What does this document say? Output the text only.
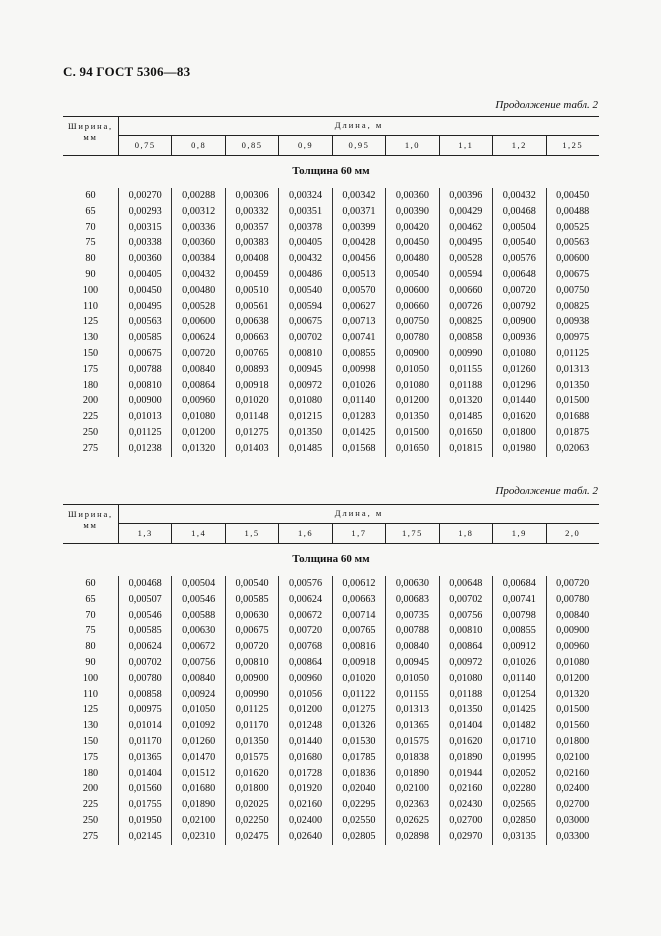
С. 94 ГОСТ 5306—83
Продолжение табл. 2
Ширина,
мм
Длина, м
0,75	0,8	0,85	0,9	0,95	1,0	1,1	1,2	1,25
Толщина 60 мм
60	0,00270	0,00288	0,00306	0,00324	0,00342	0,00360	0,00396	0,00432	0,00450
65	0,00293	0,00312	0,00332	0,00351	0,00371	0,00390	0,00429	0,00468	0,00488
70	0,00315	0,00336	0,00357	0,00378	0,00399	0,00420	0,00462	0,00504	0,00525
75	0,00338	0,00360	0,00383	0,00405	0,00428	0,00450	0,00495	0,00540	0,00563
80	0,00360	0,00384	0,00408	0,00432	0,00456	0,00480	0,00528	0,00576	0,00600
90	0,00405	0,00432	0,00459	0,00486	0,00513	0,00540	0,00594	0,00648	0,00675
100	0,00450	0,00480	0,00510	0,00540	0,00570	0,00600	0,00660	0,00720	0,00750
110	0,00495	0,00528	0,00561	0,00594	0,00627	0,00660	0,00726	0,00792	0,00825
125	0,00563	0,00600	0,00638	0,00675	0,00713	0,00750	0,00825	0,00900	0,00938
130	0,00585	0,00624	0,00663	0,00702	0,00741	0,00780	0,00858	0,00936	0,00975
150	0,00675	0,00720	0,00765	0,00810	0,00855	0,00900	0,00990	0,01080	0,01125
175	0,00788	0,00840	0,00893	0,00945	0,00998	0,01050	0,01155	0,01260	0,01313
180	0,00810	0,00864	0,00918	0,00972	0,01026	0,01080	0,01188	0,01296	0,01350
200	0,00900	0,00960	0,01020	0,01080	0,01140	0,01200	0,01320	0,01440	0,01500
225	0,01013	0,01080	0,01148	0,01215	0,01283	0,01350	0,01485	0,01620	0,01688
250	0,01125	0,01200	0,01275	0,01350	0,01425	0,01500	0,01650	0,01800	0,01875
275	0,01238	0,01320	0,01403	0,01485	0,01568	0,01650	0,01815	0,01980	0,02063
Продолжение табл. 2
Ширина,
мм
Длина, м
1,3	1,4	1,5	1,6	1,7	1,75	1,8	1,9	2,0
Толщина 60 мм
60	0,00468	0,00504	0,00540	0,00576	0,00612	0,00630	0,00648	0,00684	0,00720
65	0,00507	0,00546	0,00585	0,00624	0,00663	0,00683	0,00702	0,00741	0,00780
70	0,00546	0,00588	0,00630	0,00672	0,00714	0,00735	0,00756	0,00798	0,00840
75	0,00585	0,00630	0,00675	0,00720	0,00765	0,00788	0,00810	0,00855	0,00900
80	0,00624	0,00672	0,00720	0,00768	0,00816	0,00840	0,00864	0,00912	0,00960
90	0,00702	0,00756	0,00810	0,00864	0,00918	0,00945	0,00972	0,01026	0,01080
100	0,00780	0,00840	0,00900	0,00960	0,01020	0,01050	0,01080	0,01140	0,01200
110	0,00858	0,00924	0,00990	0,01056	0,01122	0,01155	0,01188	0,01254	0,01320
125	0,00975	0,01050	0,01125	0,01200	0,01275	0,01313	0,01350	0,01425	0,01500
130	0,01014	0,01092	0,01170	0,01248	0,01326	0,01365	0,01404	0,01482	0,01560
150	0,01170	0,01260	0,01350	0,01440	0,01530	0,01575	0,01620	0,01710	0,01800
175	0,01365	0,01470	0,01575	0,01680	0,01785	0,01838	0,01890	0,01995	0,02100
180	0,01404	0,01512	0,01620	0,01728	0,01836	0,01890	0,01944	0,02052	0,02160
200	0,01560	0,01680	0,01800	0,01920	0,02040	0,02100	0,02160	0,02280	0,02400
225	0,01755	0,01890	0,02025	0,02160	0,02295	0,02363	0,02430	0,02565	0,02700
250	0,01950	0,02100	0,02250	0,02400	0,02550	0,02625	0,02700	0,02850	0,03000
275	0,02145	0,02310	0,02475	0,02640	0,02805	0,02898	0,02970	0,03135	0,03300
